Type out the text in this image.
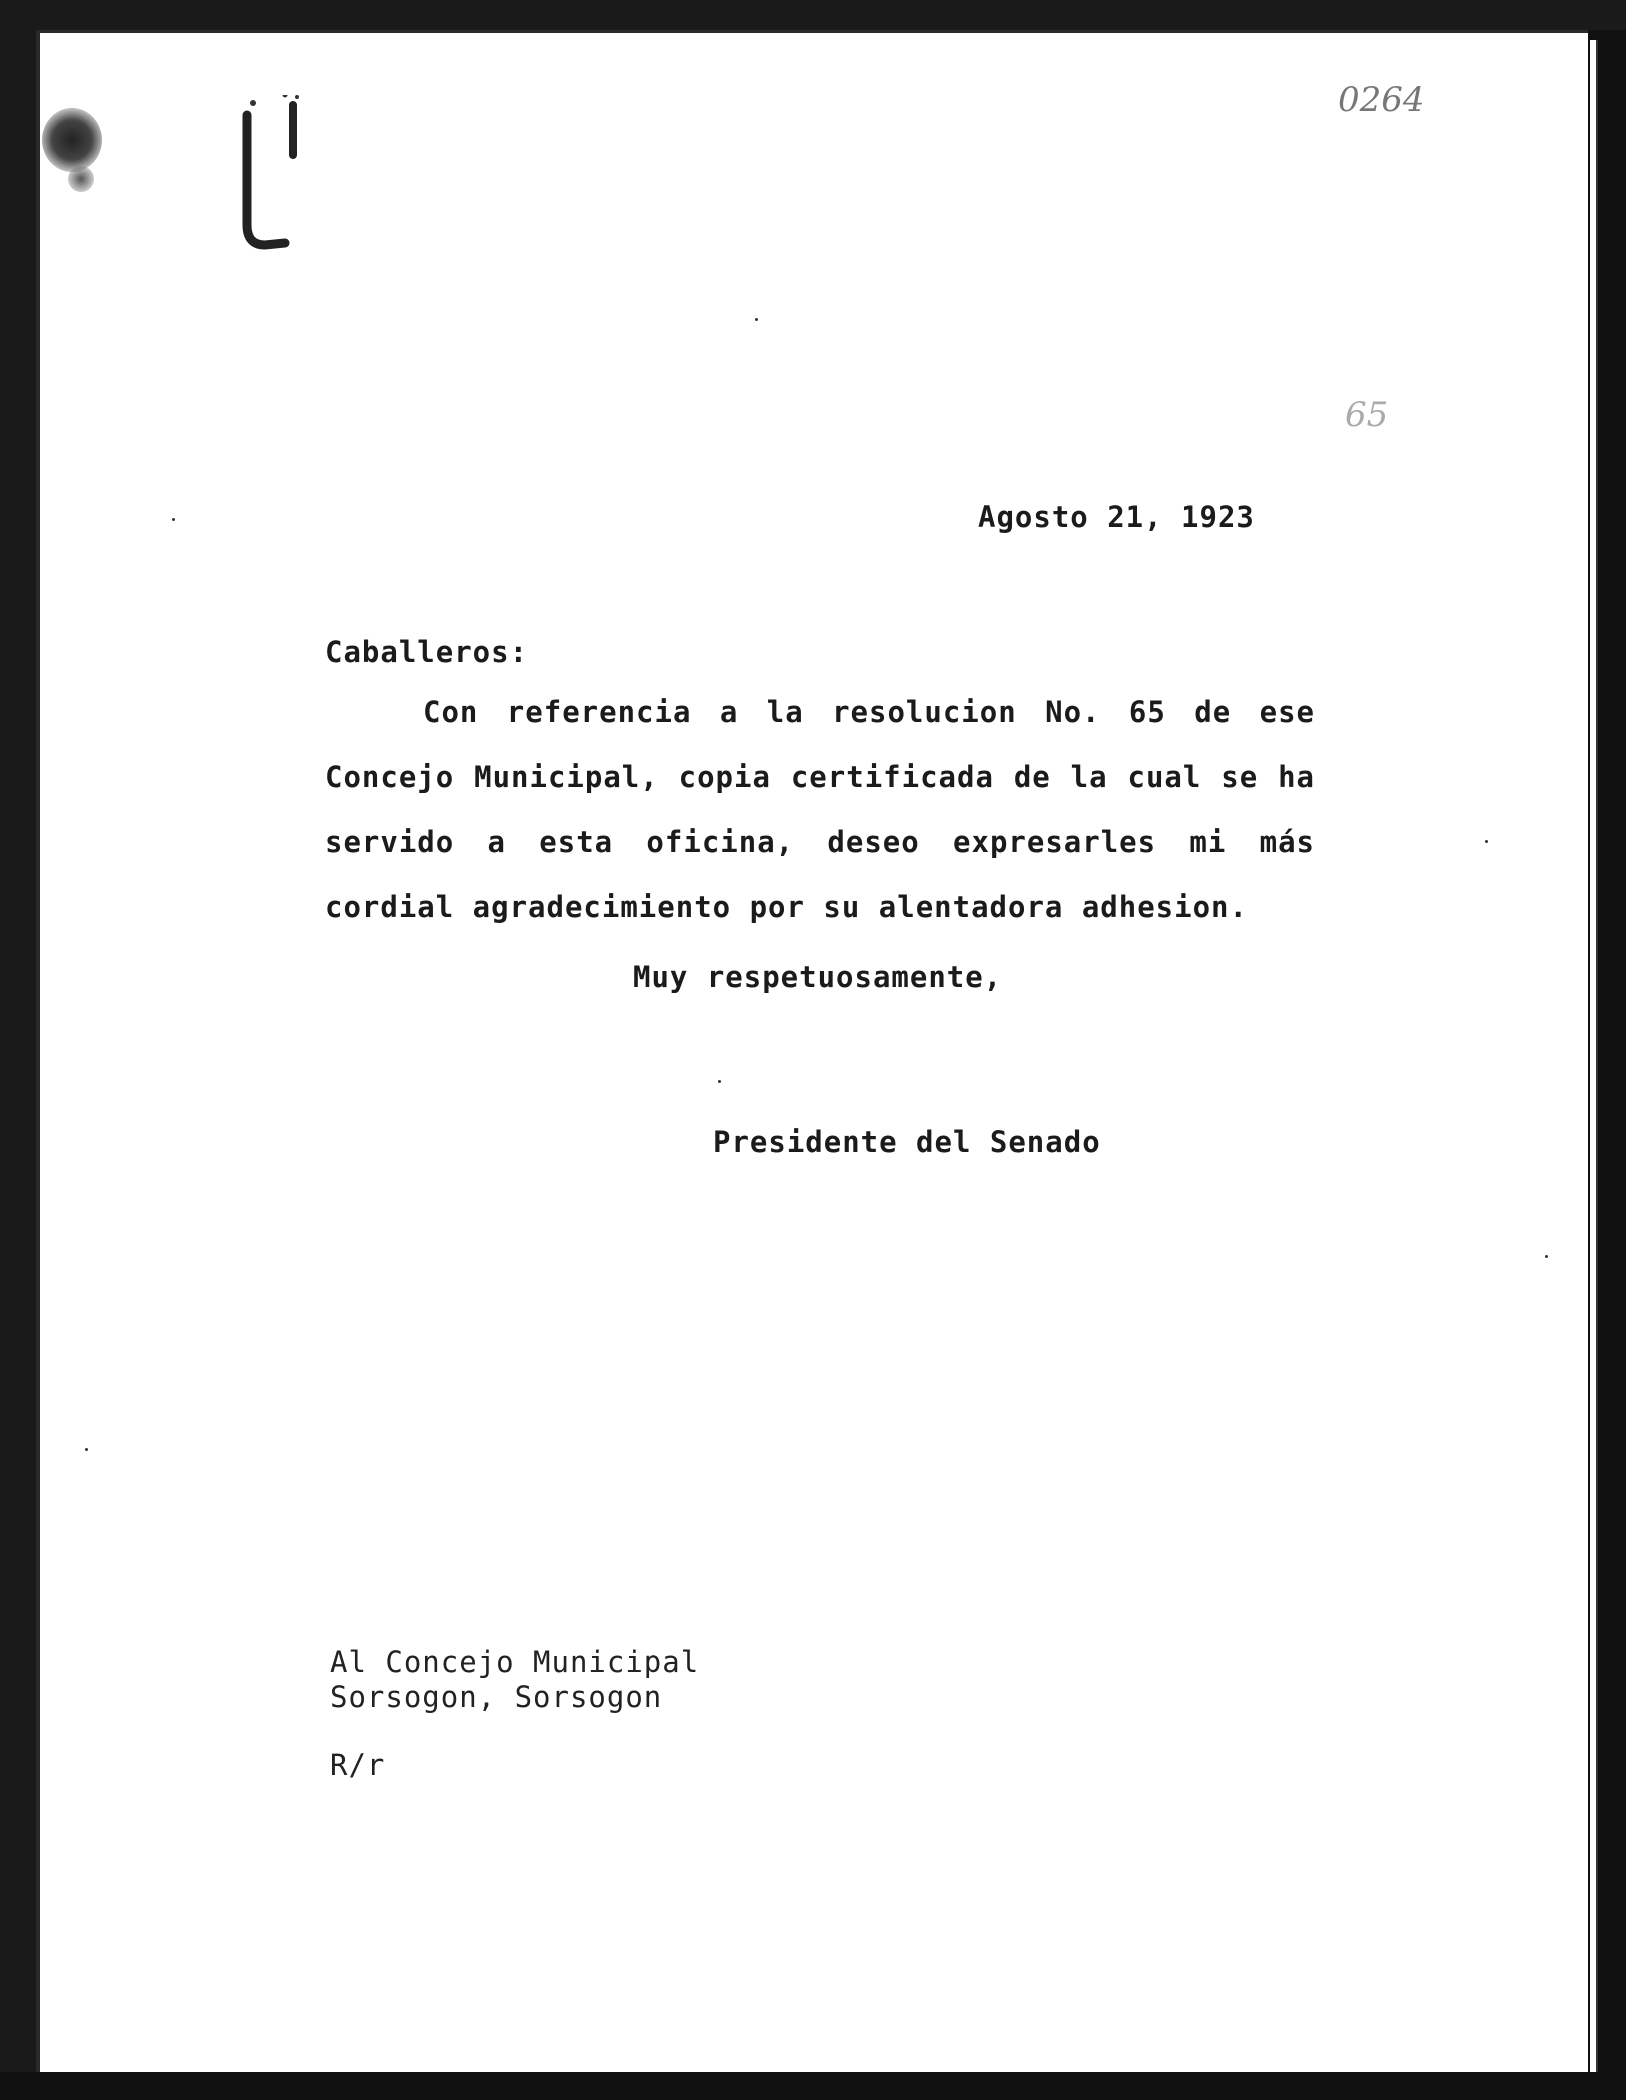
0264

65

Agosto 21, 1923

Caballeros:

Con referencia a la resolucion No. 65 de ese Concejo Municipal, copia certificada de la cual se ha servido a esta oficina, deseo expresarles mi más cordial agradecimiento por su alentadora adhesion.

Muy respetuosamente,

Presidente del Senado

Al Concejo Municipal

Sorsogon, Sorsogon

R/r
